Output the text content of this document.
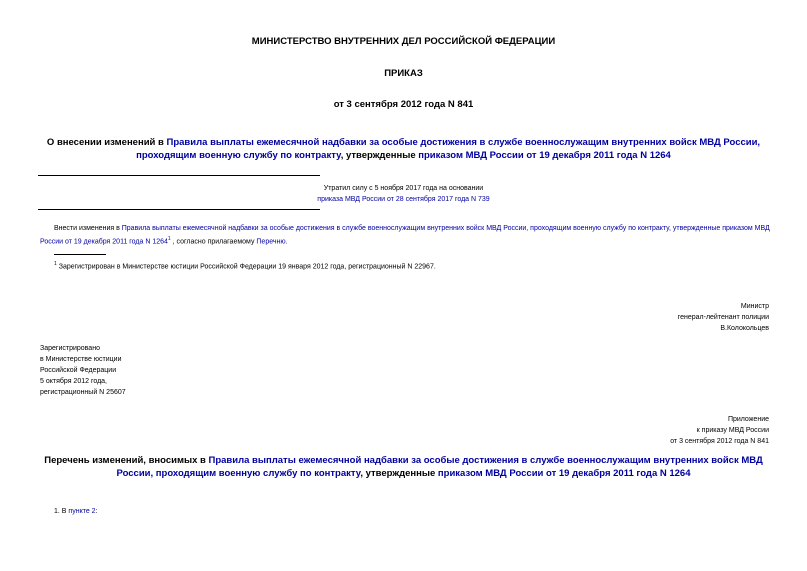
МИНИСТЕРСТВО ВНУТРЕННИХ ДЕЛ РОССИЙСКОЙ ФЕДЕРАЦИИ
ПРИКАЗ
от 3 сентября 2012 года N 841
О внесении изменений в Правила выплаты ежемесячной надбавки за особые достижения в службе военнослужащим внутренних войск МВД России, проходящим военную службу по контракту, утвержденные приказом МВД России от 19 декабря 2011 года N 1264
Утратил силу с 5 ноября 2017 года на основании
приказа МВД России от 28 сентября 2017 года N 739
Внести изменения в Правила выплаты ежемесячной надбавки за особые достижения в службе военнослужащим внутренних войск МВД России, проходящим военную службу по контракту, утвержденные приказом МВД России от 19 декабря 2011 года N 1264$^1$ , согласно прилагаемому Перечню.
$^1$ Зарегистрирован в Министерстве юстиции Российской Федерации 19 января 2012 года, регистрационный N 22967.
Министр
генерал-лейтенант полиции
В.Колокольцев
Зарегистрировано
в Министерстве юстиции
Российской Федерации
5 октября 2012 года,
регистрационный N 25607
Приложение
к приказу МВД России
от 3 сентября 2012 года N 841
Перечень изменений, вносимых в Правила выплаты ежемесячной надбавки за особые достижения в службе военнослужащим внутренних войск МВД России, проходящим военную службу по контракту, утвержденные приказом МВД России от 19 декабря 2011 года N 1264
1. В пункте 2:
